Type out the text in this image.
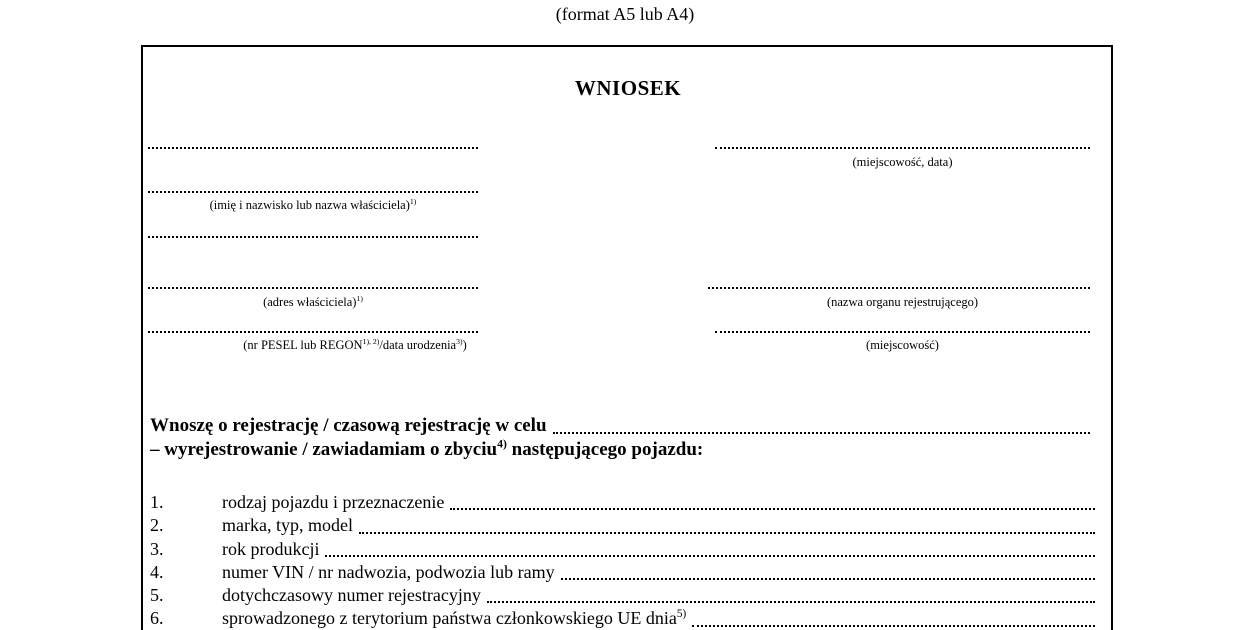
(format A5 lub A4)
WNIOSEK
(miejscowość, data)
(imię i nazwisko lub nazwa właściciela)$^{1)}$
(adres właściciela)$^{1)}$	(nazwa organu rejestrującego)
(nr PESEL lub $REGON^{1), 2)}$/data urodzenia$^{3)}$)	(miejscowość)
Wnoszę o rejestrację / czasową rejestrację w celu
– wyrejestrowanie / zawiadamiam o zbyciu$^{4)}$ następującego pojazdu:
1.	rodzaj pojazdu i przeznaczenie
2.	marka, typ, model
3.	rok produkcji
4.	numer VIN / nr nadwozia, podwozia lub ramy
5.	dotychczasowy numer rejestracyjny
6.	sprowadzonego z terytorium państwa członkowskiego UE dnia$^{5)}$
